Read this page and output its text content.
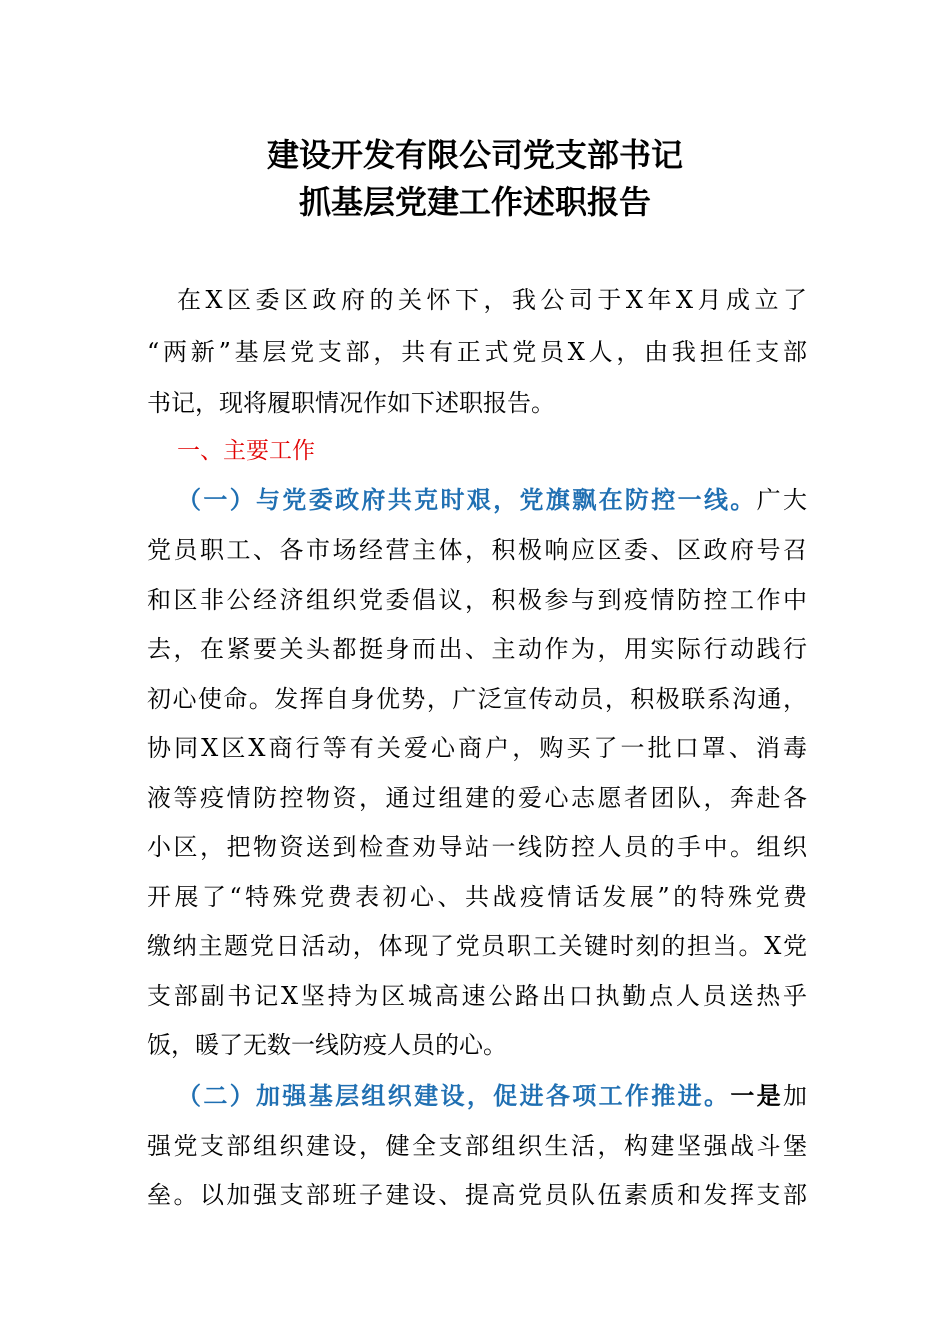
建设开发有限公司党支部书记
抓基层党建工作述职报告
在X区委区政府的关怀下，我公司于X年X月成立了
“两新”基层党支部，共有正式党员X人，由我担任支部
书记，现将履职情况作如下述职报告。
一、主要工作
（一）与党委政府共克时艰，党旗飘在防控一线。广大
党员职工、各市场经营主体，积极响应区委、区政府号召
和区非公经济组织党委倡议，积极参与到疫情防控工作中
去，在紧要关头都挺身而出、主动作为，用实际行动践行
初心使命。发挥自身优势，广泛宣传动员，积极联系沟通，
协同X区X商行等有关爱心商户，购买了一批口罩、消毒
液等疫情防控物资，通过组建的爱心志愿者团队，奔赴各
小区，把物资送到检查劝导站一线防控人员的手中。组织
开展了“特殊党费表初心、共战疫情话发展”的特殊党费
缴纳主题党日活动，体现了党员职工关键时刻的担当。X党
支部副书记X坚持为区城高速公路出口执勤点人员送热乎
饭，暖了无数一线防疫人员的心。
（二）加强基层组织建设，促进各项工作推进。一是加
强党支部组织建设，健全支部组织生活，构建坚强战斗堡
垒。以加强支部班子建设、提高党员队伍素质和发挥支部
